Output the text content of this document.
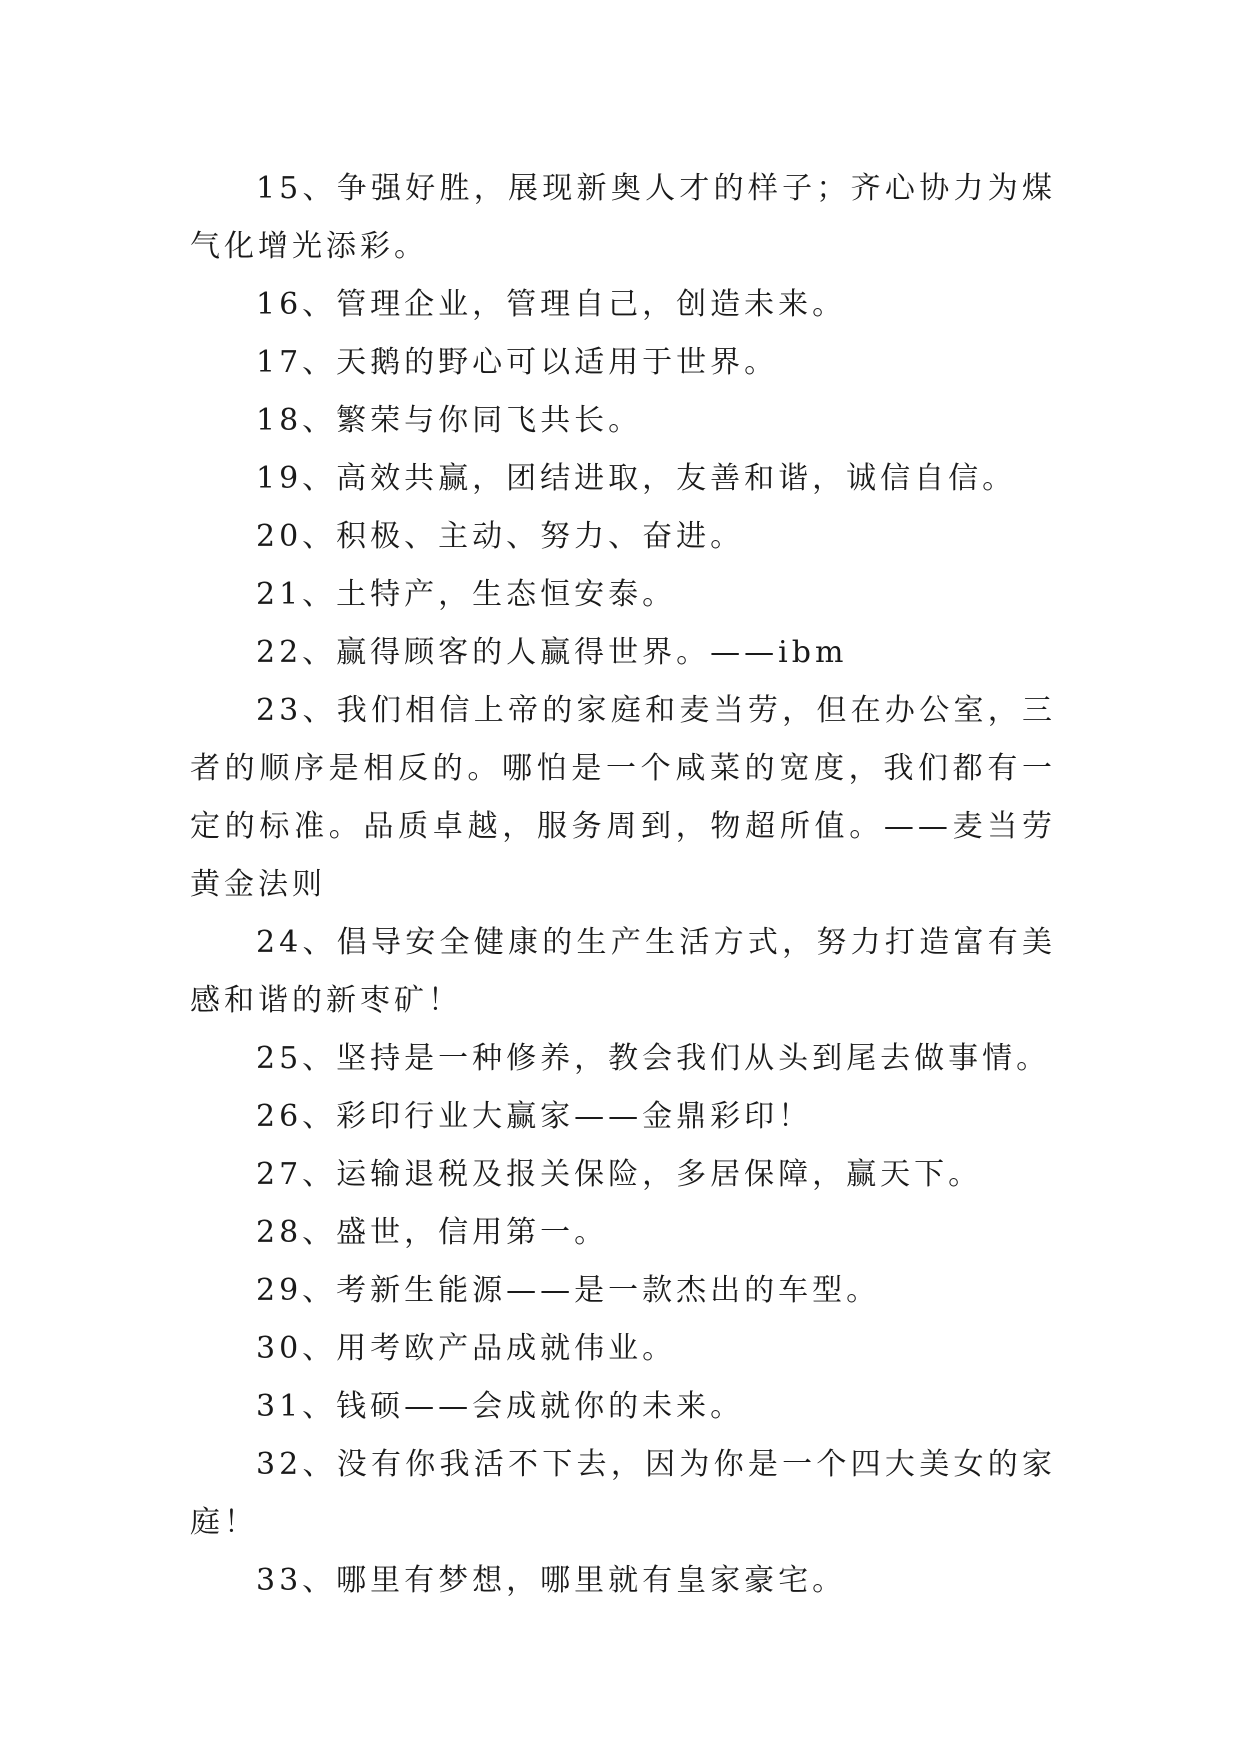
15、争强好胜，展现新奥人才的样子；齐心协力为煤气化增光添彩。

16、管理企业，管理自己，创造未来。

17、天鹅的野心可以适用于世界。

18、繁荣与你同飞共长。

19、高效共赢，团结进取，友善和谐，诚信自信。

20、积极、主动、努力、奋进。

21、土特产，生态恒安泰。

22、赢得顾客的人赢得世界。——ibm

23、我们相信上帝的家庭和麦当劳，但在办公室，三者的顺序是相反的。哪怕是一个咸菜的宽度，我们都有一定的标准。品质卓越，服务周到，物超所值。——麦当劳黄金法则

24、倡导安全健康的生产生活方式，努力打造富有美感和谐的新枣矿！

25、坚持是一种修养，教会我们从头到尾去做事情。

26、彩印行业大赢家——金鼎彩印！

27、运输退税及报关保险，多居保障，赢天下。

28、盛世，信用第一。

29、考新生能源——是一款杰出的车型。

30、用考欧产品成就伟业。

31、钱硕——会成就你的未来。

32、没有你我活不下去，因为你是一个四大美女的家庭！

33、哪里有梦想，哪里就有皇家豪宅。
